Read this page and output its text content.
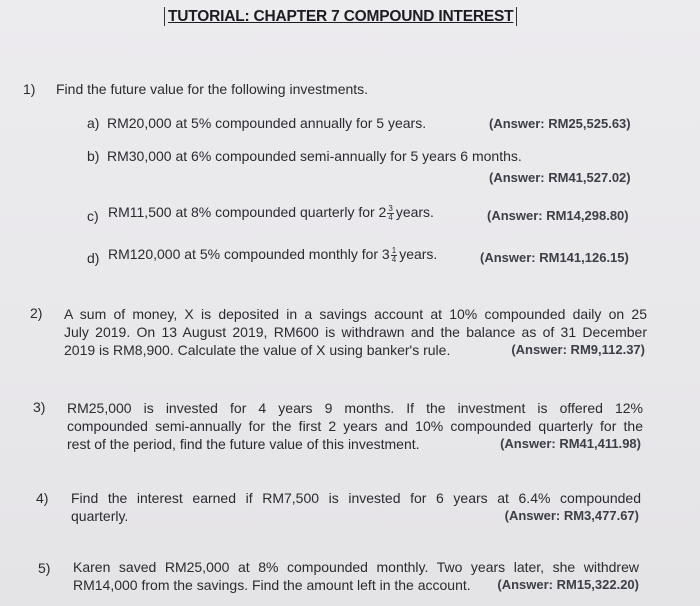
TUTORIAL: CHAPTER 7 COMPOUND INTEREST
1) Find the future value for the following investments.
a) RM20,000 at 5% compounded annually for 5 years.	(Answer: RM25,525.63)
b) RM30,000 at 6% compounded semi-annually for 5 years 6 months.
(Answer: RM41,527.02)
c) RM11,500 at 8% compounded quarterly for $2 \frac{3}{4}$ years.	(Answer: RM14,298.80)
d) RM120,000 at 5% compounded monthly for $3 \frac{1}{4}$ years.	(Answer: RM141,126.15)
2) A sum of money, X is deposited in a savings account at 10% compounded daily on 25
July 2019. On 13 August 2019, RM600 is withdrawn and the balance as of 31 December
2019 is RM8,900. Calculate the value of X using banker's rule.	(Answer: RM9,112.37)
3) RM25,000 is invested for 4 years 9 months. If the investment is offered 12%
compounded semi-annually for the first 2 years and 10% compounded quarterly for the
rest of the period, find the future value of this investment.	(Answer: RM41,411.98)
4) Find the interest earned if RM7,500 is invested for 6 years at 6.4% compounded
quarterly.	(Answer: RM3,477.67)
5) Karen saved RM25,000 at 8% compounded monthly. Two years later, she withdrew
RM14,000 from the savings. Find the amount left in the account. (Answer: RM15,322.20)
